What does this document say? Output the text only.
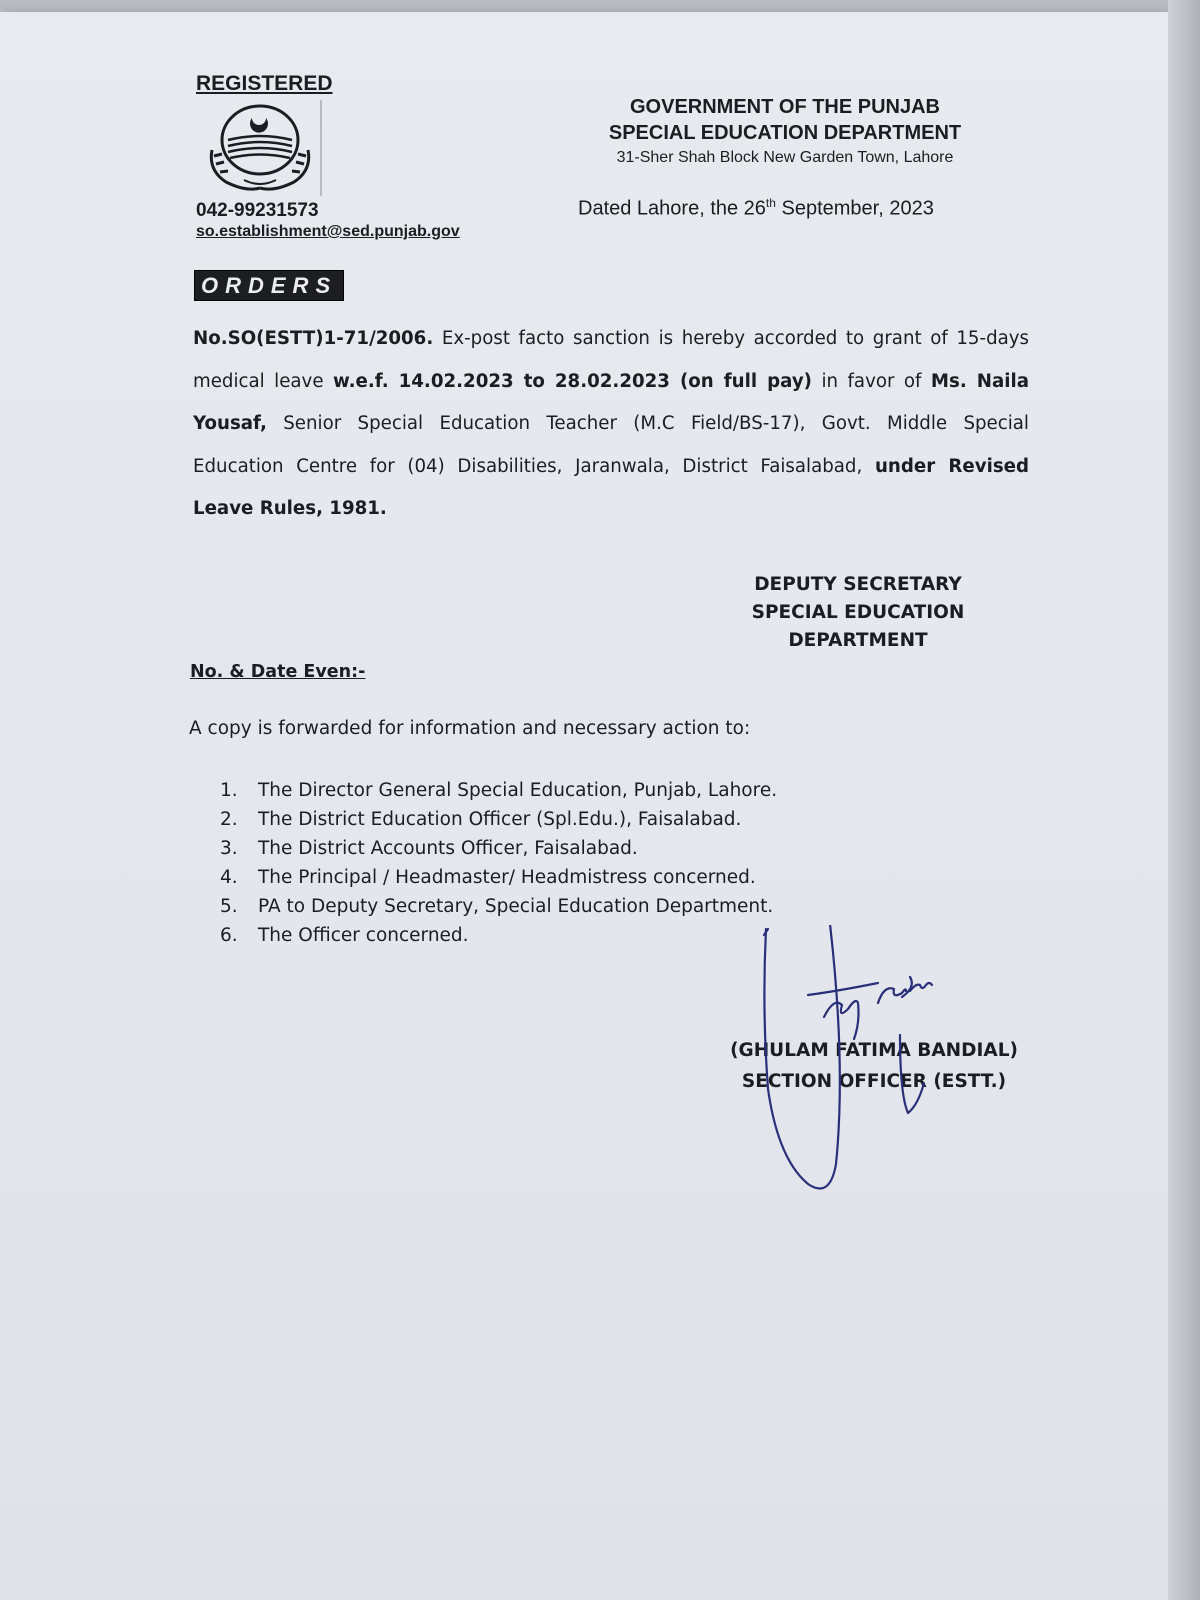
REGISTERED
042-99231573
so.establishment@sed.punjab.gov
GOVERNMENT OF THE PUNJAB
SPECIAL EDUCATION DEPARTMENT
31-Sher Shah Block New Garden Town, Lahore
Dated Lahore, the 26th September, 2023
ORDERS
No.SO(ESTT)1-71/2006. Ex-post facto sanction is hereby accorded to grant of 15-days medical leave w.e.f. 14.02.2023 to 28.02.2023 (on full pay) in favor of Ms. Naila Yousaf, Senior Special Education Teacher (M.C Field/BS-17), Govt. Middle Special Education Centre for (04) Disabilities, Jaranwala, District Faisalabad, under Revised Leave Rules, 1981.
DEPUTY SECRETARY
SPECIAL EDUCATION
DEPARTMENT
No. & Date Even:-
A copy is forwarded for information and necessary action to:
1.	The Director General Special Education, Punjab, Lahore.
2.	The District Education Officer (Spl.Edu.), Faisalabad.
3.	The District Accounts Officer, Faisalabad.
4.	The Principal / Headmaster/ Headmistress concerned.
5.	PA to Deputy Secretary, Special Education Department.
6.	The Officer concerned.
(GHULAM FATIMA BANDIAL)
SECTION OFFICER (ESTT.)
